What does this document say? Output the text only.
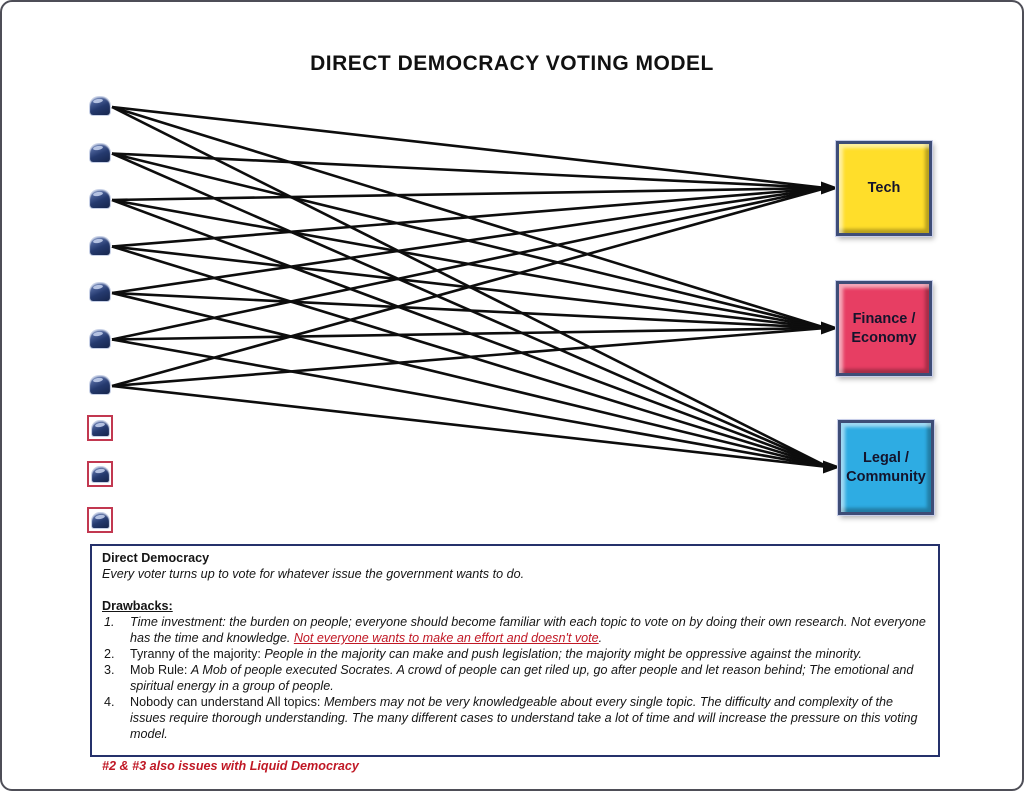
DIRECT DEMOCRACY VOTING MODEL
Tech
Finance /
Economy
Legal /
Community
Direct Democracy
Every voter turns up to vote for whatever issue the government wants to do.
Drawbacks:
1.	Time investment: the burden on people; everyone should become familiar with each topic to vote on by doing their own research. Not everyone has the time and knowledge. Not everyone wants to make an effort and doesn't vote.
2.	Tyranny of the majority: People in the majority can make and push legislation; the majority might be oppressive against the minority.
3.	Mob Rule: A Mob of people executed Socrates. A crowd of people can get riled up, go after people and let reason behind; The emotional and spiritual energy in a group of people.
4.	Nobody can understand All topics: Members may not be very knowledgeable about every single topic. The difficulty and complexity of the issues require thorough understanding. The many different cases to understand take a lot of time and will increase the pressure on this voting model.
#2 & #3 also issues with Liquid Democracy
